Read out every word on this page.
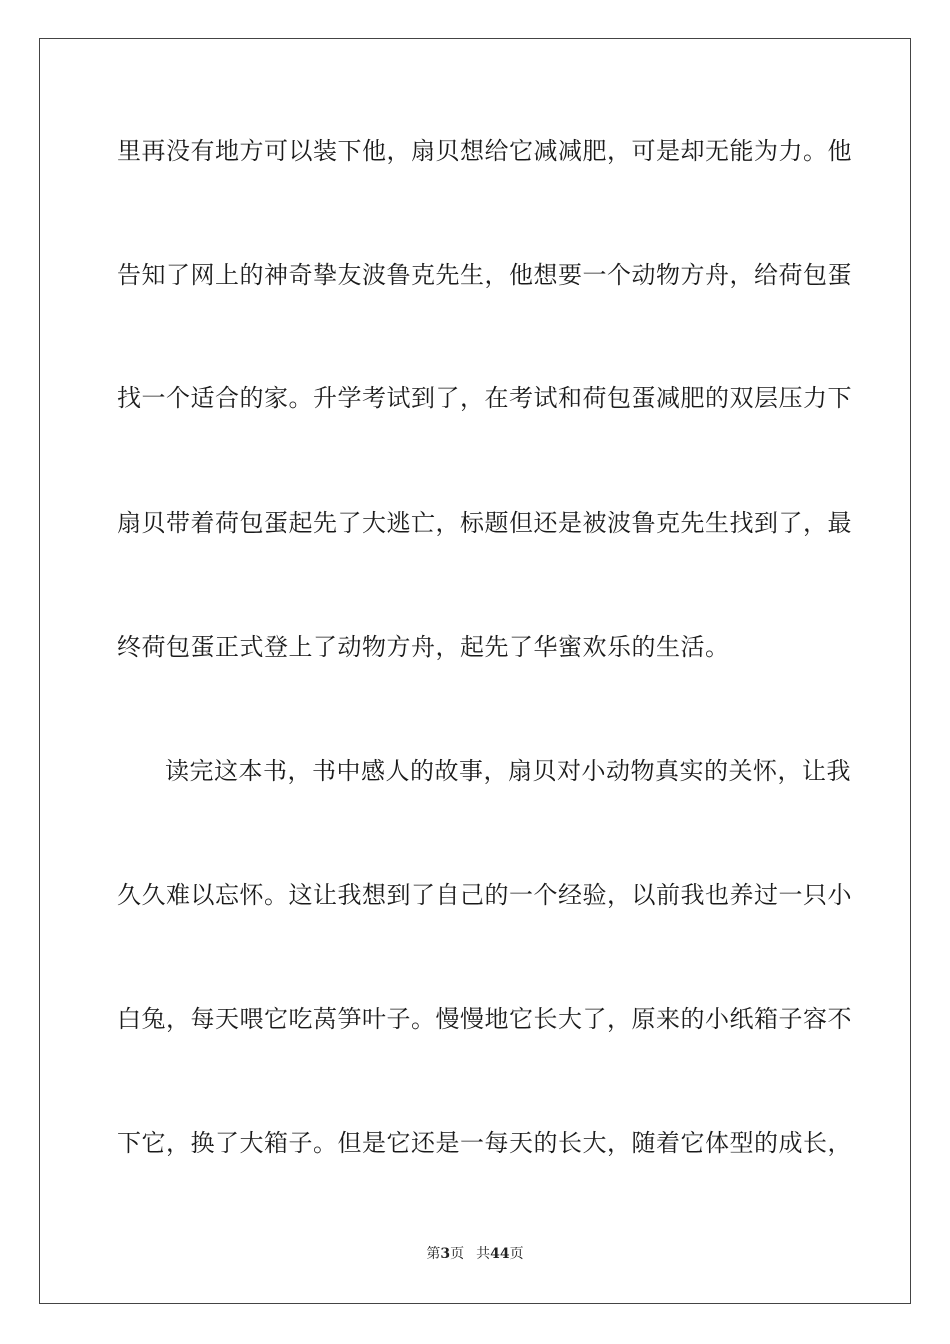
里再没有地方可以装下他，扇贝想给它减减肥，可是却无能为力。他
告知了网上的神奇挚友波鲁克先生，他想要一个动物方舟，给荷包蛋
找一个适合的家。升学考试到了，在考试和荷包蛋减肥的双层压力下
扇贝带着荷包蛋起先了大逃亡，标题但还是被波鲁克先生找到了，最
终荷包蛋正式登上了动物方舟，起先了华蜜欢乐的生活。
读完这本书，书中感人的故事，扇贝对小动物真实的关怀，让我
久久难以忘怀。这让我想到了自己的一个经验，以前我也养过一只小
白兔，每天喂它吃莴笋叶子。慢慢地它长大了，原来的小纸箱子容不
下它，换了大箱子。但是它还是一每天的长大，随着它体型的成长，
第3页 共44页
